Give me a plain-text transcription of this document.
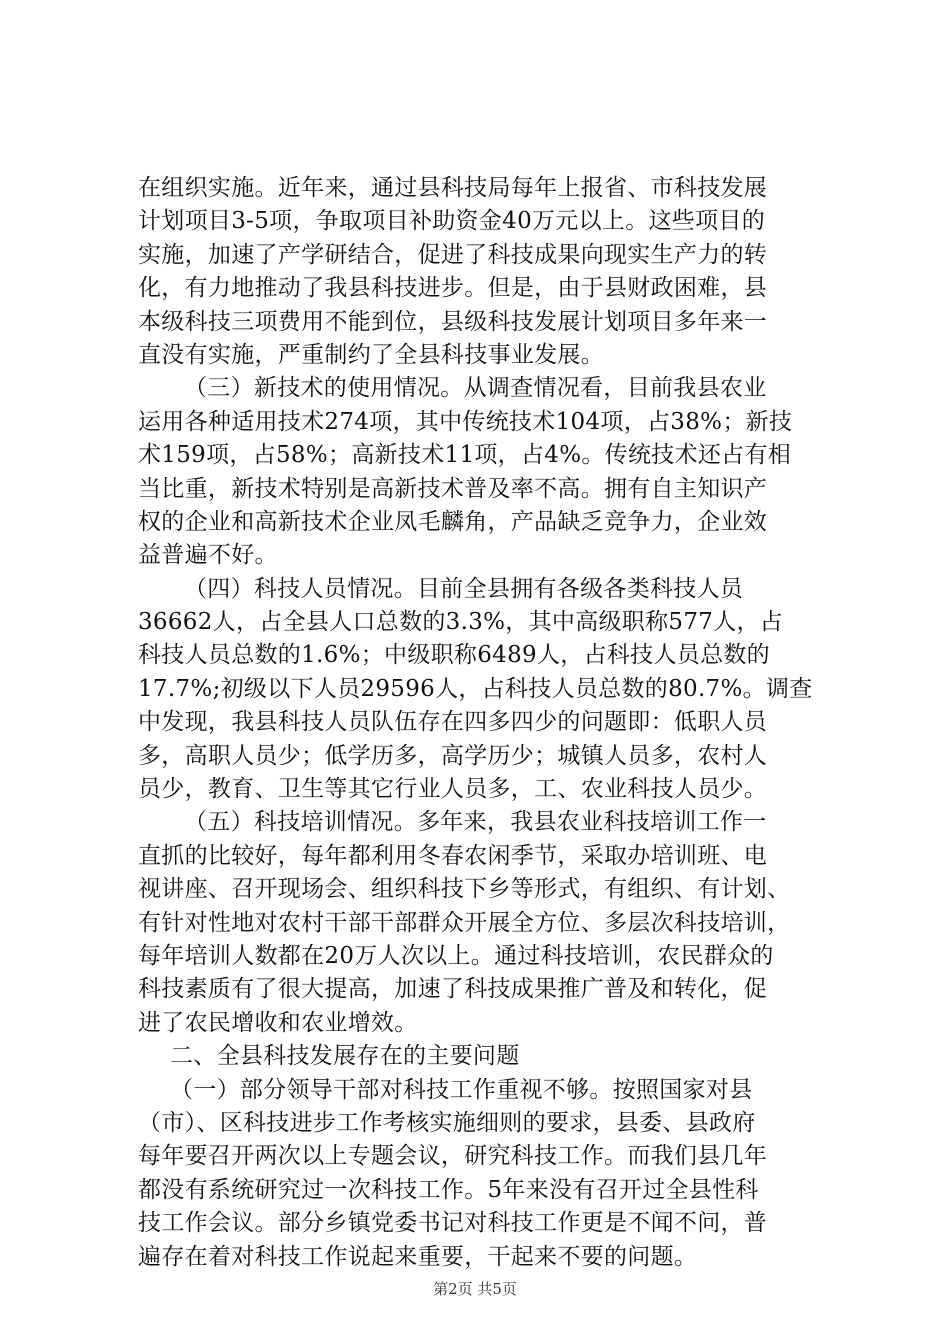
在组织实施。近年来，通过县科技局每年上报省、市科技发展
计划项目3-5项，争取项目补助资金40万元以上。这些项目的
实施，加速了产学研结合，促进了科技成果向现实生产力的转
化，有力地推动了我县科技进步。但是，由于县财政困难，县
本级科技三项费用不能到位，县级科技发展计划项目多年来一
直没有实施，严重制约了全县科技事业发展。
（三）新技术的使用情况。从调查情况看，目前我县农业
运用各种适用技术274项，其中传统技术104项，占38%；新技
术159项，占58%；高新技术11项，占4%。传统技术还占有相
当比重，新技术特别是高新技术普及率不高。拥有自主知识产
权的企业和高新技术企业凤毛麟角，产品缺乏竞争力，企业效
益普遍不好。
（四）科技人员情况。目前全县拥有各级各类科技人员
36662人，占全县人口总数的3.3%，其中高级职称577人，占
科技人员总数的1.6%；中级职称6489人，占科技人员总数的
17.7%;初级以下人员29596人，占科技人员总数的80.7%。调查
中发现，我县科技人员队伍存在四多四少的问题即：低职人员
多，高职人员少；低学历多，高学历少；城镇人员多，农村人
员少，教育、卫生等其它行业人员多，工、农业科技人员少。
（五）科技培训情况。多年来，我县农业科技培训工作一
直抓的比较好，每年都利用冬春农闲季节，采取办培训班、电
视讲座、召开现场会、组织科技下乡等形式，有组织、有计划、
有针对性地对农村干部干部群众开展全方位、多层次科技培训，
每年培训人数都在20万人次以上。通过科技培训，农民群众的
科技素质有了很大提高，加速了科技成果推广普及和转化，促
进了农民增收和农业增效。
二、全县科技发展存在的主要问题
（一）部分领导干部对科技工作重视不够。按照国家对县
（市）、区科技进步工作考核实施细则的要求，县委、县政府
每年要召开两次以上专题会议，研究科技工作。而我们县几年
都没有系统研究过一次科技工作。5年来没有召开过全县性科
技工作会议。部分乡镇党委书记对科技工作更是不闻不问，普
遍存在着对科技工作说起来重要，干起来不要的问题。
第2页 共5页
